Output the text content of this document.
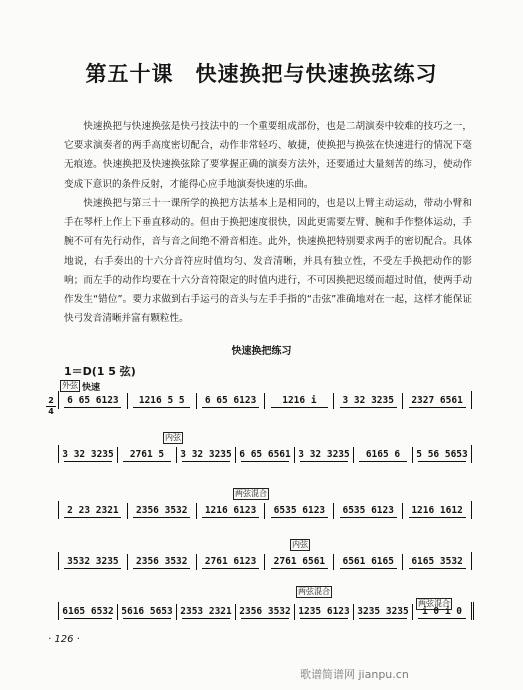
第五十课　快速换把与快速换弦练习

快速换把与快速换弦是快弓技法中的一个重要组成部份，也是二胡演奏中较难的技巧之一，它要求演奏者的两手高度密切配合，动作非常轻巧、敏捷，使换把与换弦在快速进行的情况下毫无痕迹。快速换把及快速换弦除了要掌握正确的演奏方法外，还要通过大量刻苦的练习，使动作变成下意识的条件反射，才能得心应手地演奏快速的乐曲。

快速换把与第三十一课所学的换把方法基本上是相同的，也是以上臂主动运动，带动小臂和手在琴杆上作上下垂直移动的。但由于换把速度很快，因此更需要左臂、腕和手作整体运动，手腕不可有先行动作，音与音之间绝不滑音相连。此外，快速换把特别要求两手的密切配合。具体地说，右手奏出的十六分音符应时值均匀、发音清晰，并具有独立性，不受左手换把动作的影响；而左手的动作均要在十六分音符限定的时值内进行，不可因换把迟缓而超过时值，使两手动作发生“错位”。要力求做到右手运弓的音头与左手手指的“击弦”准确地对在一起，这样才能保证快弓发音清晰并富有颗粒性。

快速换把练习
1＝D(1 5 弦)
外弦 快速
2
4
6 65 6123	1216 5 5	6 65 6123	1216 i	3 32 3235	2327 6561
内弦
3 32 3235	2761 5	3 32 3235 6 65 6561 3 32 3235	6165 6	5 56 5653
两弦混合
2 23 2321	2356 3532	1216 6123	6535 6123	6535 6123	1216 1612
内弦
3532 3235	2356 3532	2761 6123	2761 6561	6561 6165	6165 3532
两弦混合
两弦混合
6165 6532 5616 5653 2353 2321 2356 3532 1235 6123 3235 3235	i 0 i 0
· 126 ·
歌谱简谱网 jianpu.cn
